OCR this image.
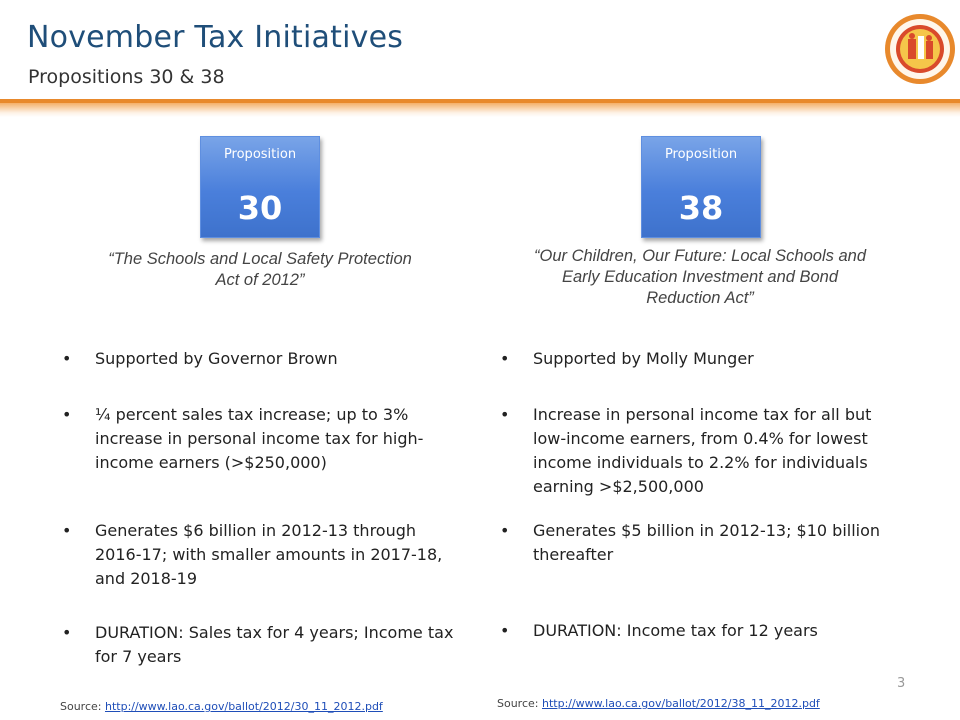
November Tax Initiatives
Propositions 30 & 38
Proposition
30
“The Schools and Local Safety Protection
Act of 2012”
• Supported by Governor Brown
• ¼ percent sales tax increase; up to 3% increase in personal income tax for high-income earners (>$250,000)
• Generates $6 billion in 2012-13 through 2016-17; with smaller amounts in 2017-18, and 2018-19
• DURATION: Sales tax for 4 years; Income tax for 7 years
Source: http://www.lao.ca.gov/ballot/2012/30_11_2012.pdf
Proposition
38
“Our Children, Our Future: Local Schools and
Early Education Investment and Bond
Reduction Act”
• Supported by Molly Munger
• Increase in personal income tax for all but low-income earners, from 0.4% for lowest income individuals to 2.2% for individuals earning >$2,500,000
• Generates $5 billion in 2012-13; $10 billion thereafter
• DURATION: Income tax for 12 years
Source: http://www.lao.ca.gov/ballot/2012/38_11_2012.pdf
3
